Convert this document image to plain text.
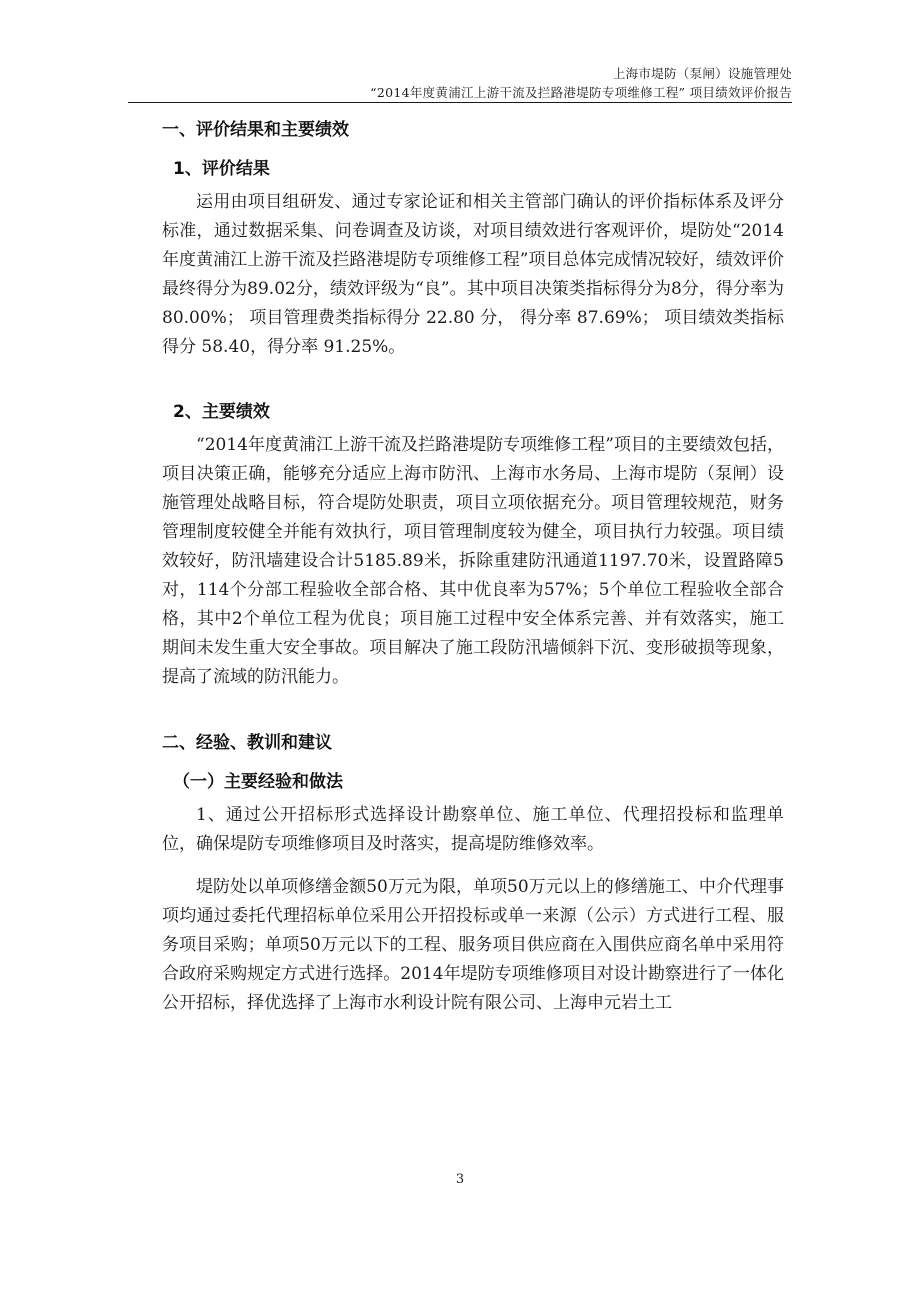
上海市堤防（泵闸）设施管理处
“2014年度黄浦江上游干流及拦路港堤防专项维修工程” 项目绩效评价报告
一、评价结果和主要绩效
1、评价结果

运用由项目组研发、通过专家论证和相关主管部门确认的评价指标体系及评分标准，通过数据采集、问卷调查及访谈，对项目绩效进行客观评价，堤防处“2014年度黄浦江上游干流及拦路港堤防专项维修工程”项目总体完成情况较好，绩效评价最终得分为89.02分，绩效评级为“良”。其中项目决策类指标得分为8分，得分率为 80.00%； 项目管理费类指标得分 22.80 分， 得分率 87.69%； 项目绩效类指标得分 58.40，得分率 91.25%。

2、主要绩效

“2014年度黄浦江上游干流及拦路港堤防专项维修工程”项目的主要绩效包括，项目决策正确，能够充分适应上海市防汛、上海市水务局、上海市堤防（泵闸）设施管理处战略目标，符合堤防处职责，项目立项依据充分。项目管理较规范，财务管理制度较健全并能有效执行，项目管理制度较为健全，项目执行力较强。项目绩效较好，防汛墙建设合计5185.89米，拆除重建防汛通道1197.70米，设置路障5对，114个分部工程验收全部合格、其中优良率为57%；5个单位工程验收全部合格，其中2个单位工程为优良；项目施工过程中安全体系完善、并有效落实，施工期间未发生重大安全事故。项目解决了施工段防汛墙倾斜下沉、变形破损等现象，提高了流域的防汛能力。

二、经验、教训和建议
（一）主要经验和做法

1、通过公开招标形式选择设计勘察单位、施工单位、代理招投标和监理单位，确保堤防专项维修项目及时落实，提高堤防维修效率。

堤防处以单项修缮金额50万元为限，单项50万元以上的修缮施工、中介代理事项均通过委托代理招标单位采用公开招投标或单一来源（公示）方式进行工程、服务项目采购；单项50万元以下的工程、服务项目供应商在入围供应商名单中采用符合政府采购规定方式进行选择。2014年堤防专项维修项目对设计勘察进行了一体化公开招标，择优选择了上海市水利设计院有限公司、上海申元岩土工

3
